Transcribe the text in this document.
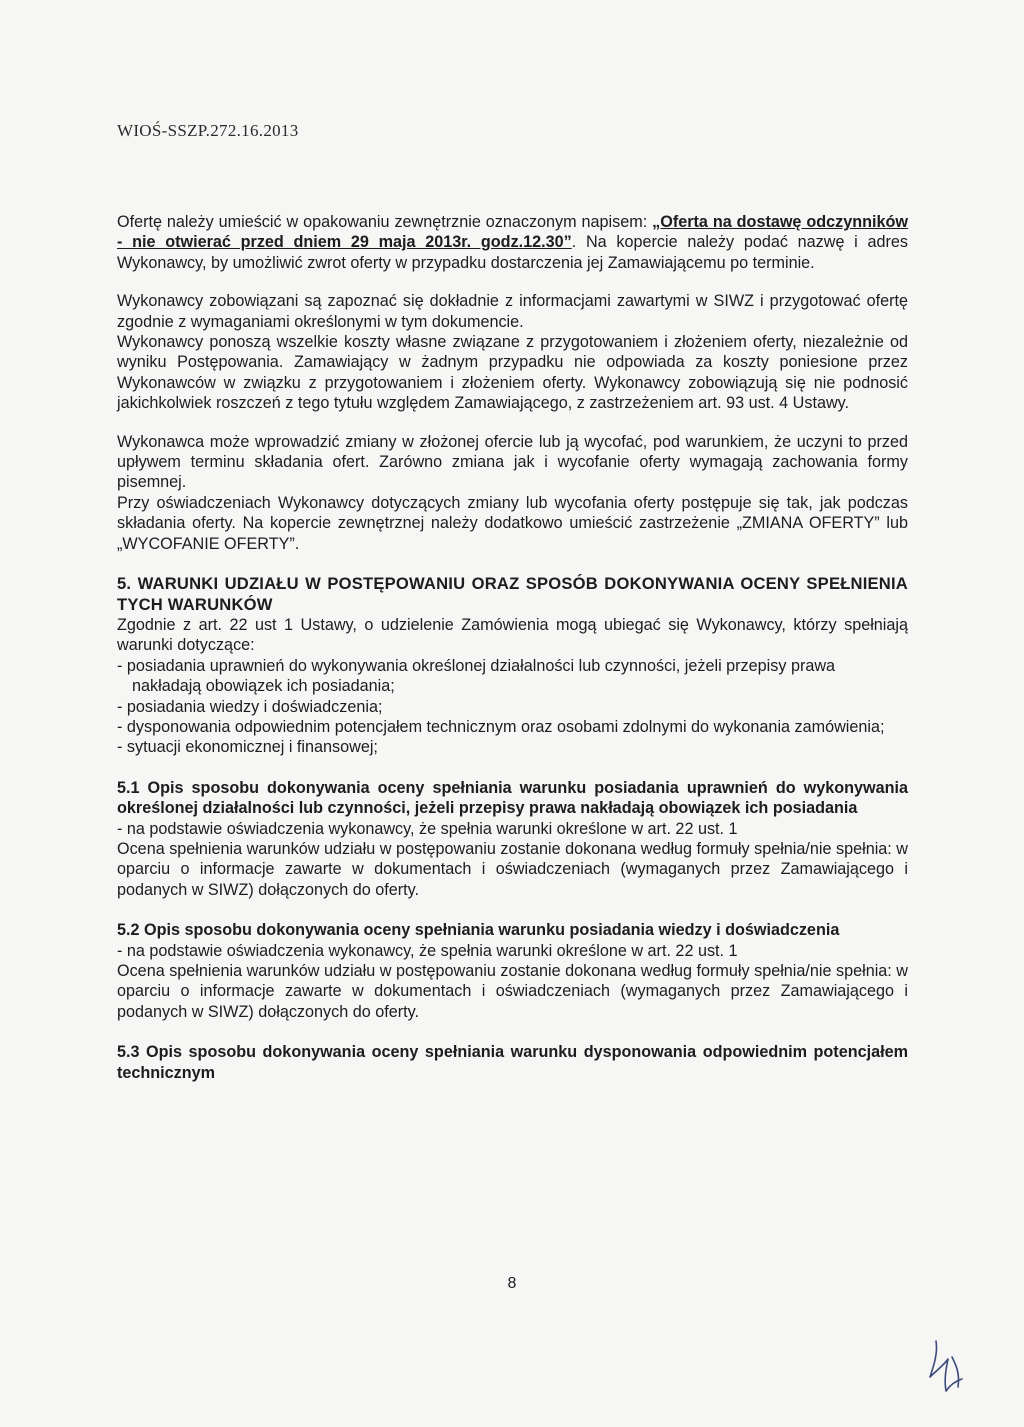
WIOŚ-SSZP.272.16.2013

Ofertę należy umieścić w opakowaniu zewnętrznie oznaczonym napisem: „Oferta na dostawę odczynników - nie otwierać przed dniem 29 maja 2013r. godz.12.30”. Na kopercie należy podać nazwę i adres Wykonawcy, by umożliwić zwrot oferty w przypadku dostarczenia jej Zamawiającemu po terminie.

Wykonawcy zobowiązani są zapoznać się dokładnie z informacjami zawartymi w SIWZ i przygotować ofertę zgodnie z wymaganiami określonymi w tym dokumencie.

Wykonawcy ponoszą wszelkie koszty własne związane z przygotowaniem i złożeniem oferty, niezależnie od wyniku Postępowania. Zamawiający w żadnym przypadku nie odpowiada za koszty poniesione przez Wykonawców w związku z przygotowaniem i złożeniem oferty. Wykonawcy zobowiązują się nie podnosić jakichkolwiek roszczeń z tego tytułu względem Zamawiającego, z zastrzeżeniem art. 93 ust. 4 Ustawy.

Wykonawca może wprowadzić zmiany w złożonej ofercie lub ją wycofać, pod warunkiem, że uczyni to przed upływem terminu składania ofert. Zarówno zmiana jak i wycofanie oferty wymagają zachowania formy pisemnej.

Przy oświadczeniach Wykonawcy dotyczących zmiany lub wycofania oferty postępuje się tak, jak podczas składania oferty. Na kopercie zewnętrznej należy dodatkowo umieścić zastrzeżenie „ZMIANA OFERTY” lub „WYCOFANIE OFERTY”.

5. WARUNKI UDZIAŁU W POSTĘPOWANIU ORAZ SPOSÓB DOKONYWANIA OCENY SPEŁNIENIA TYCH WARUNKÓW

Zgodnie z art. 22 ust 1 Ustawy, o udzielenie Zamówienia mogą ubiegać się Wykonawcy, którzy spełniają warunki dotyczące:

- posiadania uprawnień do wykonywania określonej działalności lub czynności, jeżeli przepisy prawa nakładają obowiązek ich posiadania;

- posiadania wiedzy i doświadczenia;

- dysponowania odpowiednim potencjałem technicznym oraz osobami zdolnymi do wykonania zamówienia;

- sytuacji ekonomicznej i finansowej;

5.1 Opis sposobu dokonywania oceny spełniania warunku posiadania uprawnień do wykonywania określonej działalności lub czynności, jeżeli przepisy prawa nakładają obowiązek ich posiadania

- na podstawie oświadczenia wykonawcy, że spełnia warunki określone w art. 22 ust. 1

Ocena spełnienia warunków udziału w postępowaniu zostanie dokonana według formuły spełnia/nie spełnia: w oparciu o informacje zawarte w dokumentach i oświadczeniach (wymaganych przez Zamawiającego i podanych w SIWZ) dołączonych do oferty.

5.2 Opis sposobu dokonywania oceny spełniania warunku posiadania wiedzy i doświadczenia

- na podstawie oświadczenia wykonawcy, że spełnia warunki określone w art. 22 ust. 1

Ocena spełnienia warunków udziału w postępowaniu zostanie dokonana według formuły spełnia/nie spełnia: w oparciu o informacje zawarte w dokumentach i oświadczeniach (wymaganych przez Zamawiającego i podanych w SIWZ) dołączonych do oferty.

5.3 Opis sposobu dokonywania oceny spełniania warunku dysponowania odpowiednim potencjałem technicznym

8
